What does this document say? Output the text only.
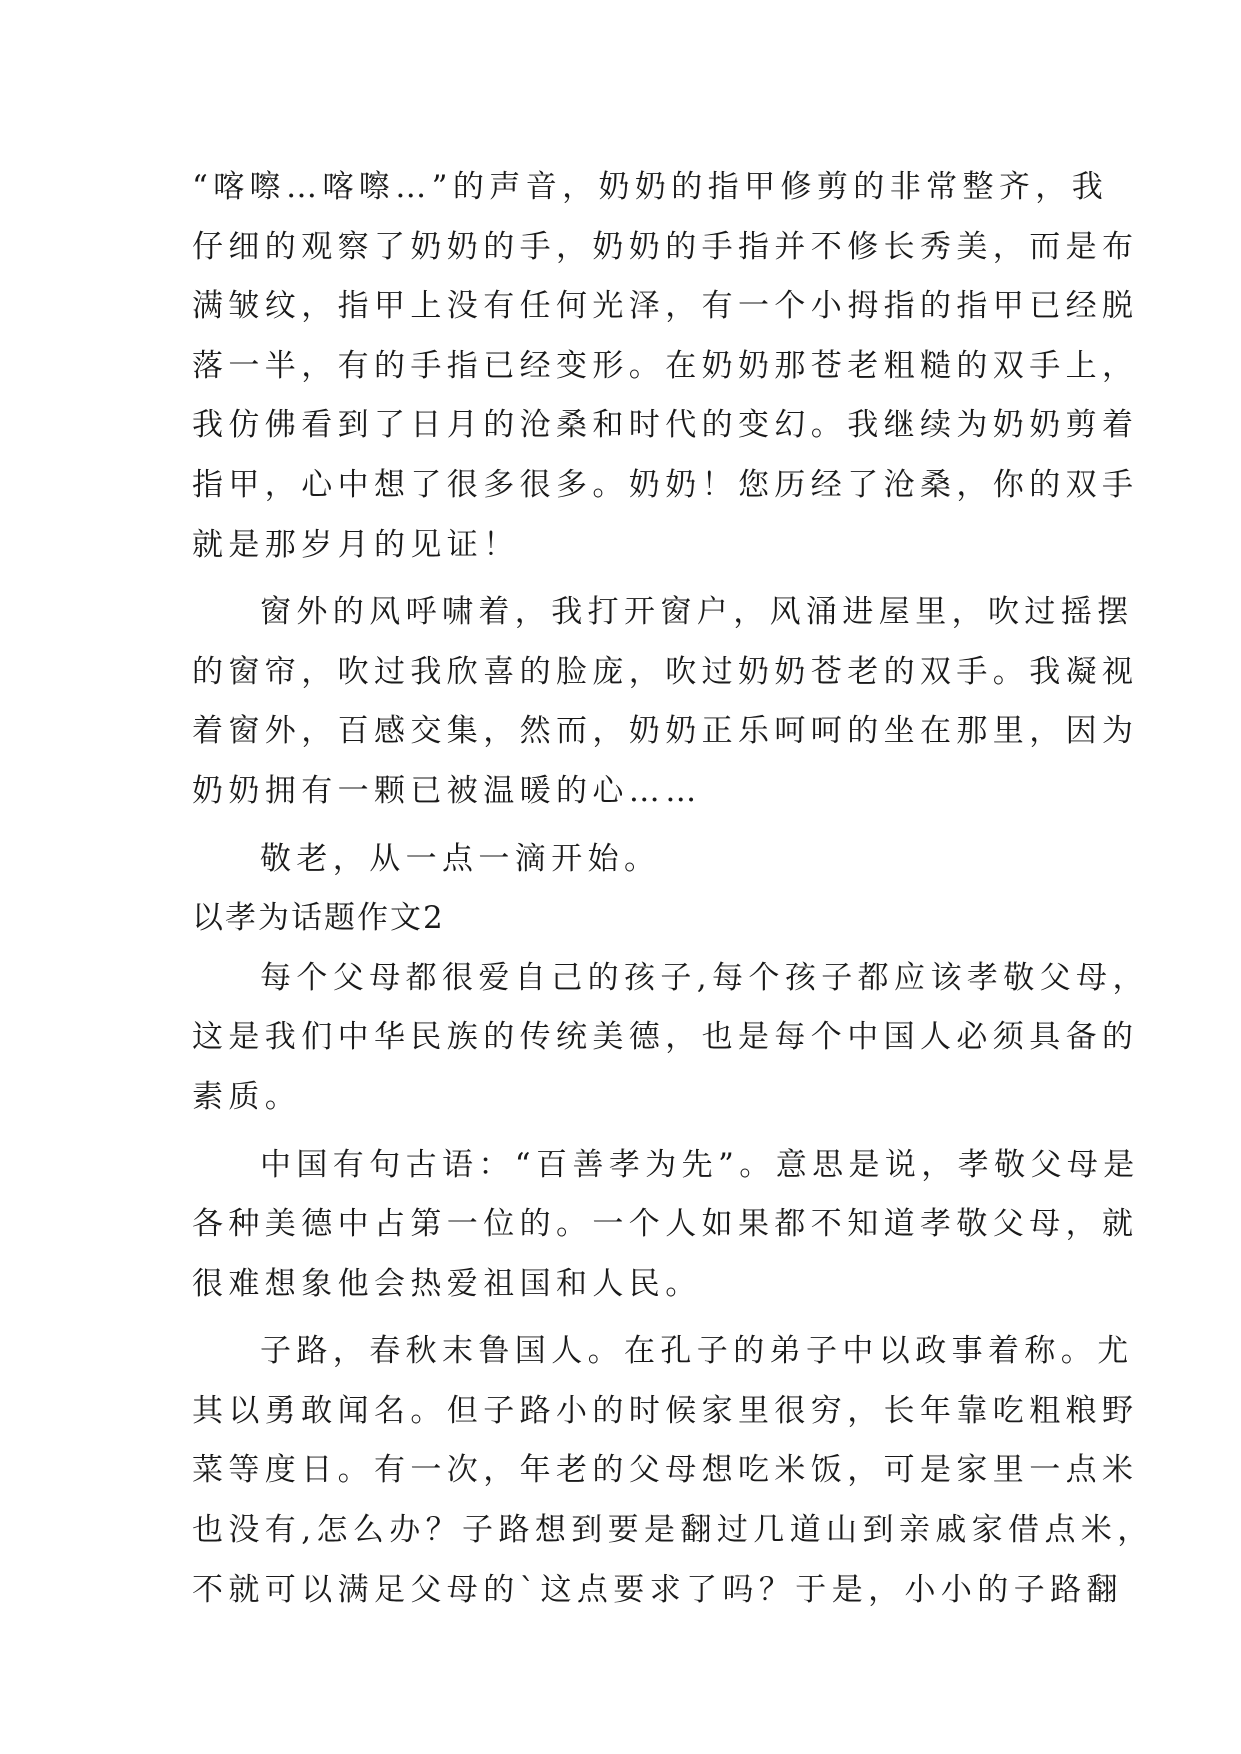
“喀嚓…喀嚓…”的声音，奶奶的指甲修剪的非常整齐，我
仔细的观察了奶奶的手，奶奶的手指并不修长秀美，而是布
满皱纹，指甲上没有任何光泽，有一个小拇指的指甲已经脱
落一半，有的手指已经变形。在奶奶那苍老粗糙的双手上，
我仿佛看到了日月的沧桑和时代的变幻。我继续为奶奶剪着
指甲，心中想了很多很多。奶奶！您历经了沧桑，你的双手
就是那岁月的见证！
窗外的风呼啸着，我打开窗户，风涌进屋里，吹过摇摆
的窗帘，吹过我欣喜的脸庞，吹过奶奶苍老的双手。我凝视
着窗外，百感交集，然而，奶奶正乐呵呵的坐在那里，因为
奶奶拥有一颗已被温暖的心……
敬老，从一点一滴开始。
以孝为话题作文2
每个父母都很爱自己的孩子,每个孩子都应该孝敬父母，
这是我们中华民族的传统美德，也是每个中国人必须具备的
素质。
中国有句古语：“百善孝为先”。意思是说，孝敬父母是
各种美德中占第一位的。一个人如果都不知道孝敬父母，就
很难想象他会热爱祖国和人民。
子路，春秋末鲁国人。在孔子的弟子中以政事着称。尤
其以勇敢闻名。但子路小的时候家里很穷，长年靠吃粗粮野
菜等度日。有一次，年老的父母想吃米饭，可是家里一点米
也没有,怎么办？子路想到要是翻过几道山到亲戚家借点米，
不就可以满足父母的`这点要求了吗？于是，小小的子路翻
